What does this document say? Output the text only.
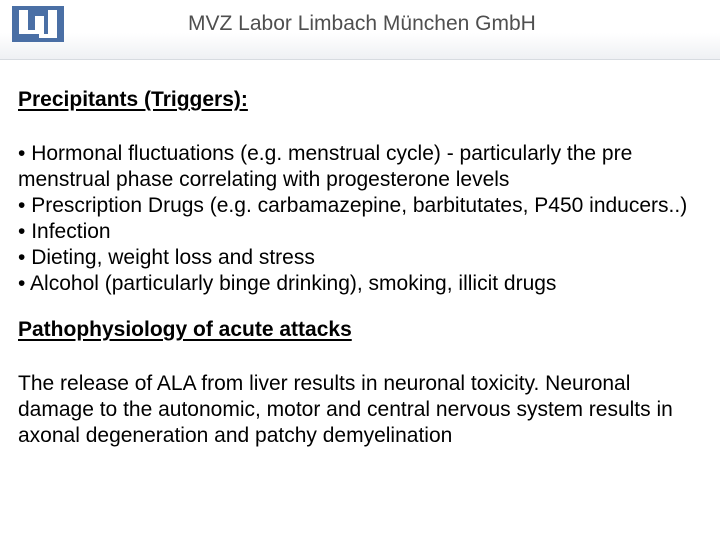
MVZ Labor Limbach München GmbH

Precipitants (Triggers):

• Hormonal fluctuations (e.g. menstrual cycle) - particularly the pre menstrual phase correlating with progesterone levels
• Prescription Drugs (e.g. carbamazepine, barbitutates, P450 inducers..)
• Infection
• Dieting, weight loss and stress
• Alcohol (particularly binge drinking), smoking, illicit drugs

Pathophysiology of acute attacks

The release of ALA from liver results in neuronal toxicity. Neuronal damage to the autonomic, motor and central nervous system results in axonal degeneration and patchy demyelination
